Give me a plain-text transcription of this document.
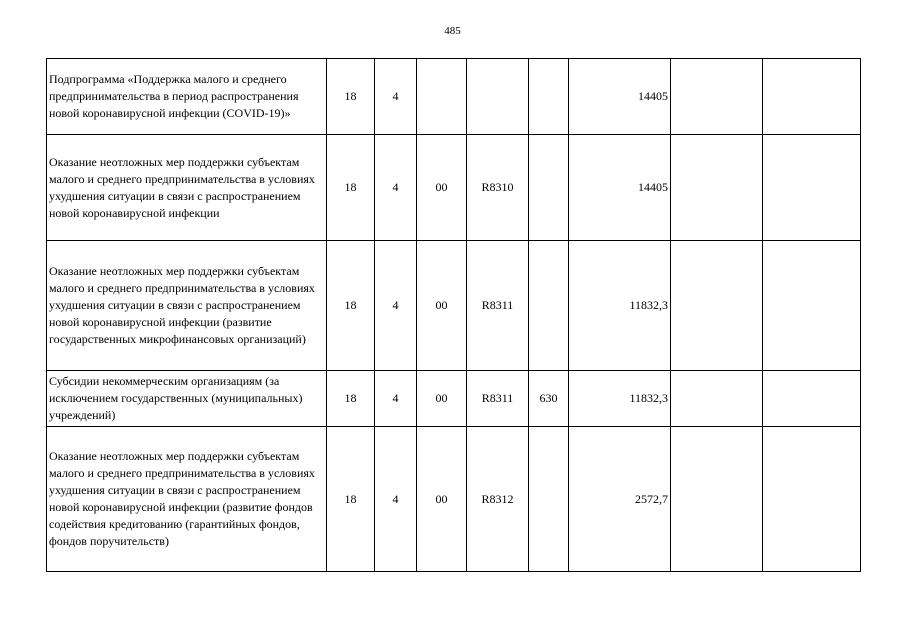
485
Подпрограмма «Поддержка малого и среднего предпринимательства в период распространения новой коронавирусной инфекции (COVID-19)»	18	4				14405		
Оказание неотложных мер поддержки субъектам малого и среднего предпринимательства в условиях ухудшения ситуации в связи с распространением новой коронавирусной инфекции	18	4	00	R8310		14405		
Оказание неотложных мер поддержки субъектам малого и среднего предпринимательства в условиях ухудшения ситуации в связи с распространением новой коронавирусной инфекции (развитие государственных микрофинансовых организаций)	18	4	00	R8311		11832,3		
Субсидии некоммерческим организациям (за исключением государственных (муниципальных) учреждений)	18	4	00	R8311	630	11832,3		
Оказание неотложных мер поддержки субъектам малого и среднего предпринимательства в условиях ухудшения ситуации в связи с распространением новой коронавирусной инфекции (развитие фондов содействия кредитованию (гарантийных фондов, фондов поручительств)	18	4	00	R8312		2572,7		
